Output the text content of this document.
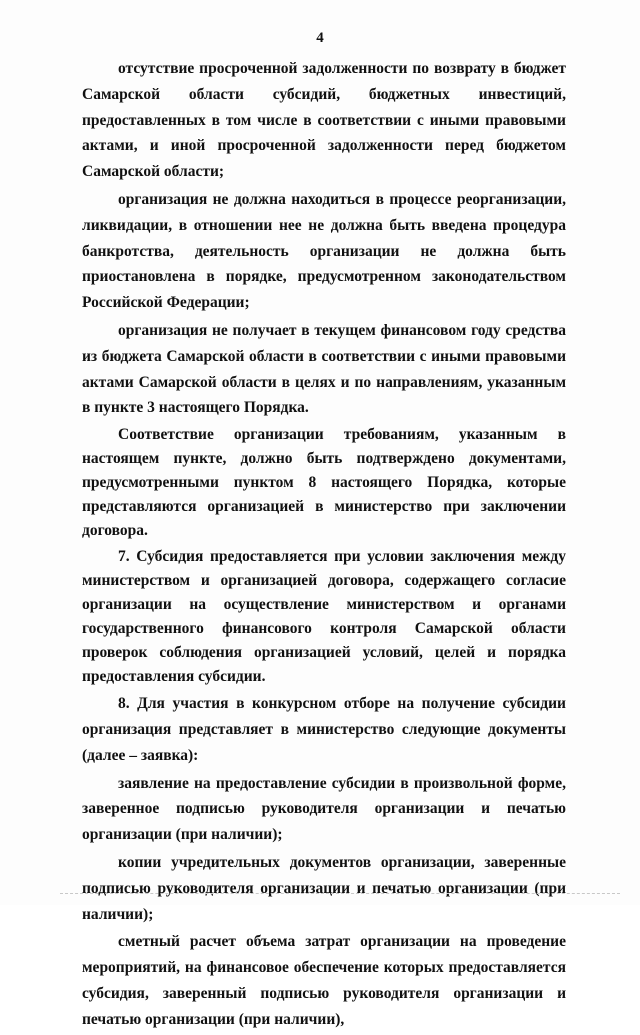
4

отсутствие просроченной задолженности по возврату в бюджет Самарской области субсидий, бюджетных инвестиций, предоставленных в том числе в соответствии с иными правовыми актами, и иной просроченной задолженности перед бюджетом Самарской области;

организация не должна находиться в процессе реорганизации, ликвидации, в отношении нее не должна быть введена процедура банкротства, деятельность организации не должна быть приостановлена в порядке, предусмотренном законодательством Российской Федерации;

организация не получает в текущем финансовом году средства из бюджета Самарской области в соответствии с иными правовыми актами Самарской области в целях и по направлениям, указанным в пункте 3 настоящего Порядка.

Соответствие организации требованиям, указанным в настоящем пункте, должно быть подтверждено документами, предусмотренными пунктом 8 настоящего Порядка, которые представляются организацией в министерство при заключении договора.

7. Субсидия предоставляется при условии заключения между министерством и организацией договора, содержащего согласие организации на осуществление министерством и органами государственного финансового контроля Самарской области проверок соблюдения организацией условий, целей и порядка предоставления субсидии.

8. Для участия в конкурсном отборе на получение субсидии организация представляет в министерство следующие документы (далее – заявка):

заявление на предоставление субсидии в произвольной форме, заверенное подписью руководителя организации и печатью организации (при наличии);

копии учредительных документов организации, заверенные подписью руководителя организации и печатью организации (при наличии);

сметный расчет объема затрат организации на проведение мероприятий, на финансовое обеспечение которых предоставляется субсидия, заверенный подписью руководителя организации и печатью организации (при наличии),
